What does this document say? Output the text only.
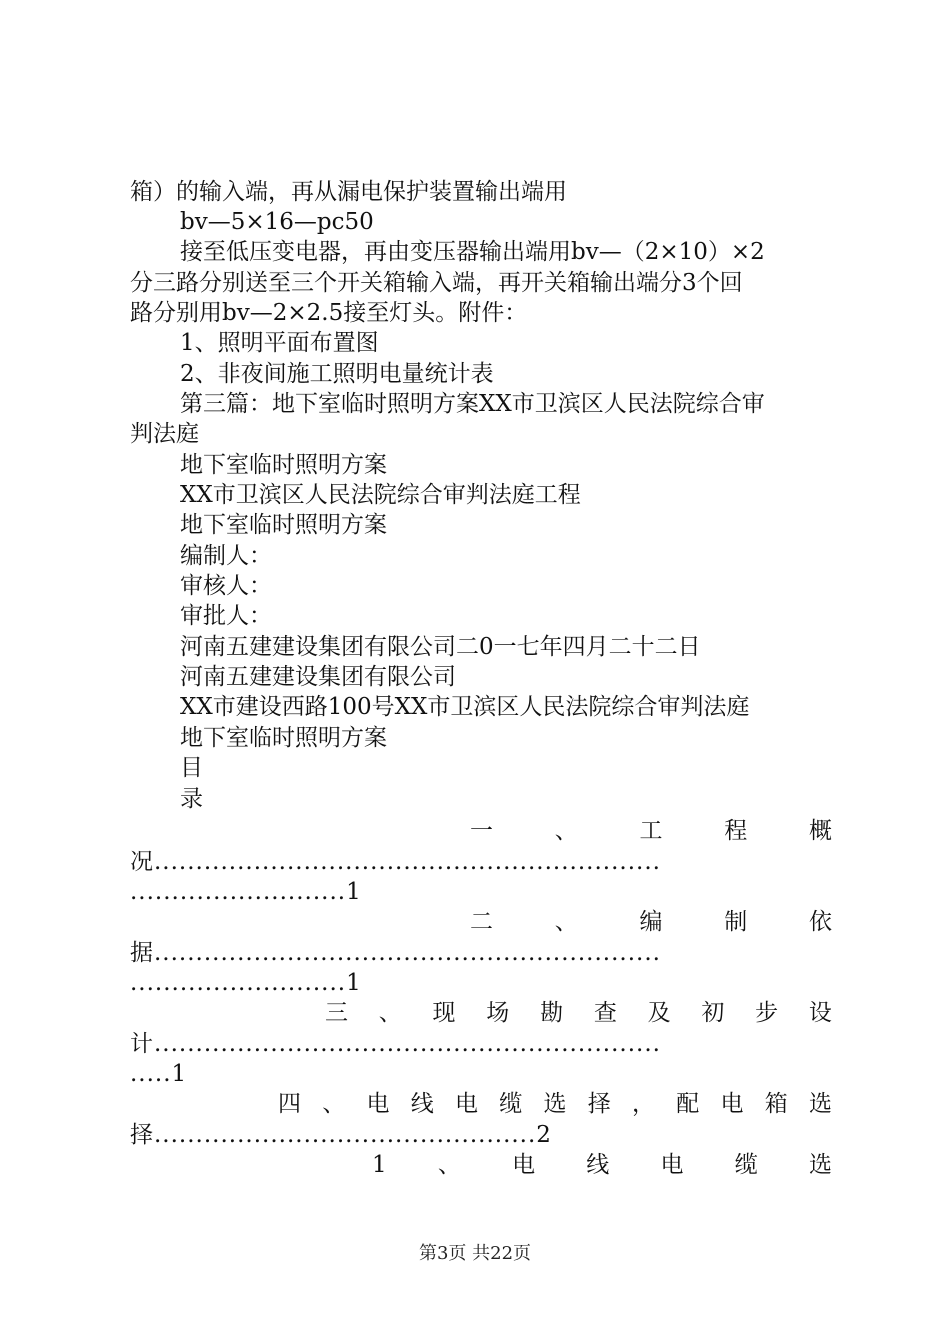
箱）的输入端，再从漏电保护装置输出端用
bv—5×16—pc50
接至低压变电器，再由变压器输出端用bv—（2×10）×2
分三路分别送至三个开关箱输入端，再开关箱输出端分3个回
路分别用bv—2×2.5接至灯头。附件：
1、照明平面布置图
2、非夜间施工照明电量统计表
第三篇：地下室临时照明方案XX市卫滨区人民法院综合审
判法庭
地下室临时照明方案
XX市卫滨区人民法院综合审判法庭工程
地下室临时照明方案
编制人：
审核人：
审批人：
河南五建建设集团有限公司二0一七年四月二十二日
河南五建建设集团有限公司
XX市建设西路100号XX市卫滨区人民法院综合审判法庭
地下室临时照明方案
目
录
一	、	工	程	概
况.............................................................
..........................1
二	、	编	制	依
据.............................................................
..........................1
三 、 现 场 勘 查 及 初 步 设
计.............................................................
.....1
四 、 电 线 电 缆 选 择 ， 配 电 箱 选
择..............................................2
1 、 电 线 电 缆 选
第3页 共22页
